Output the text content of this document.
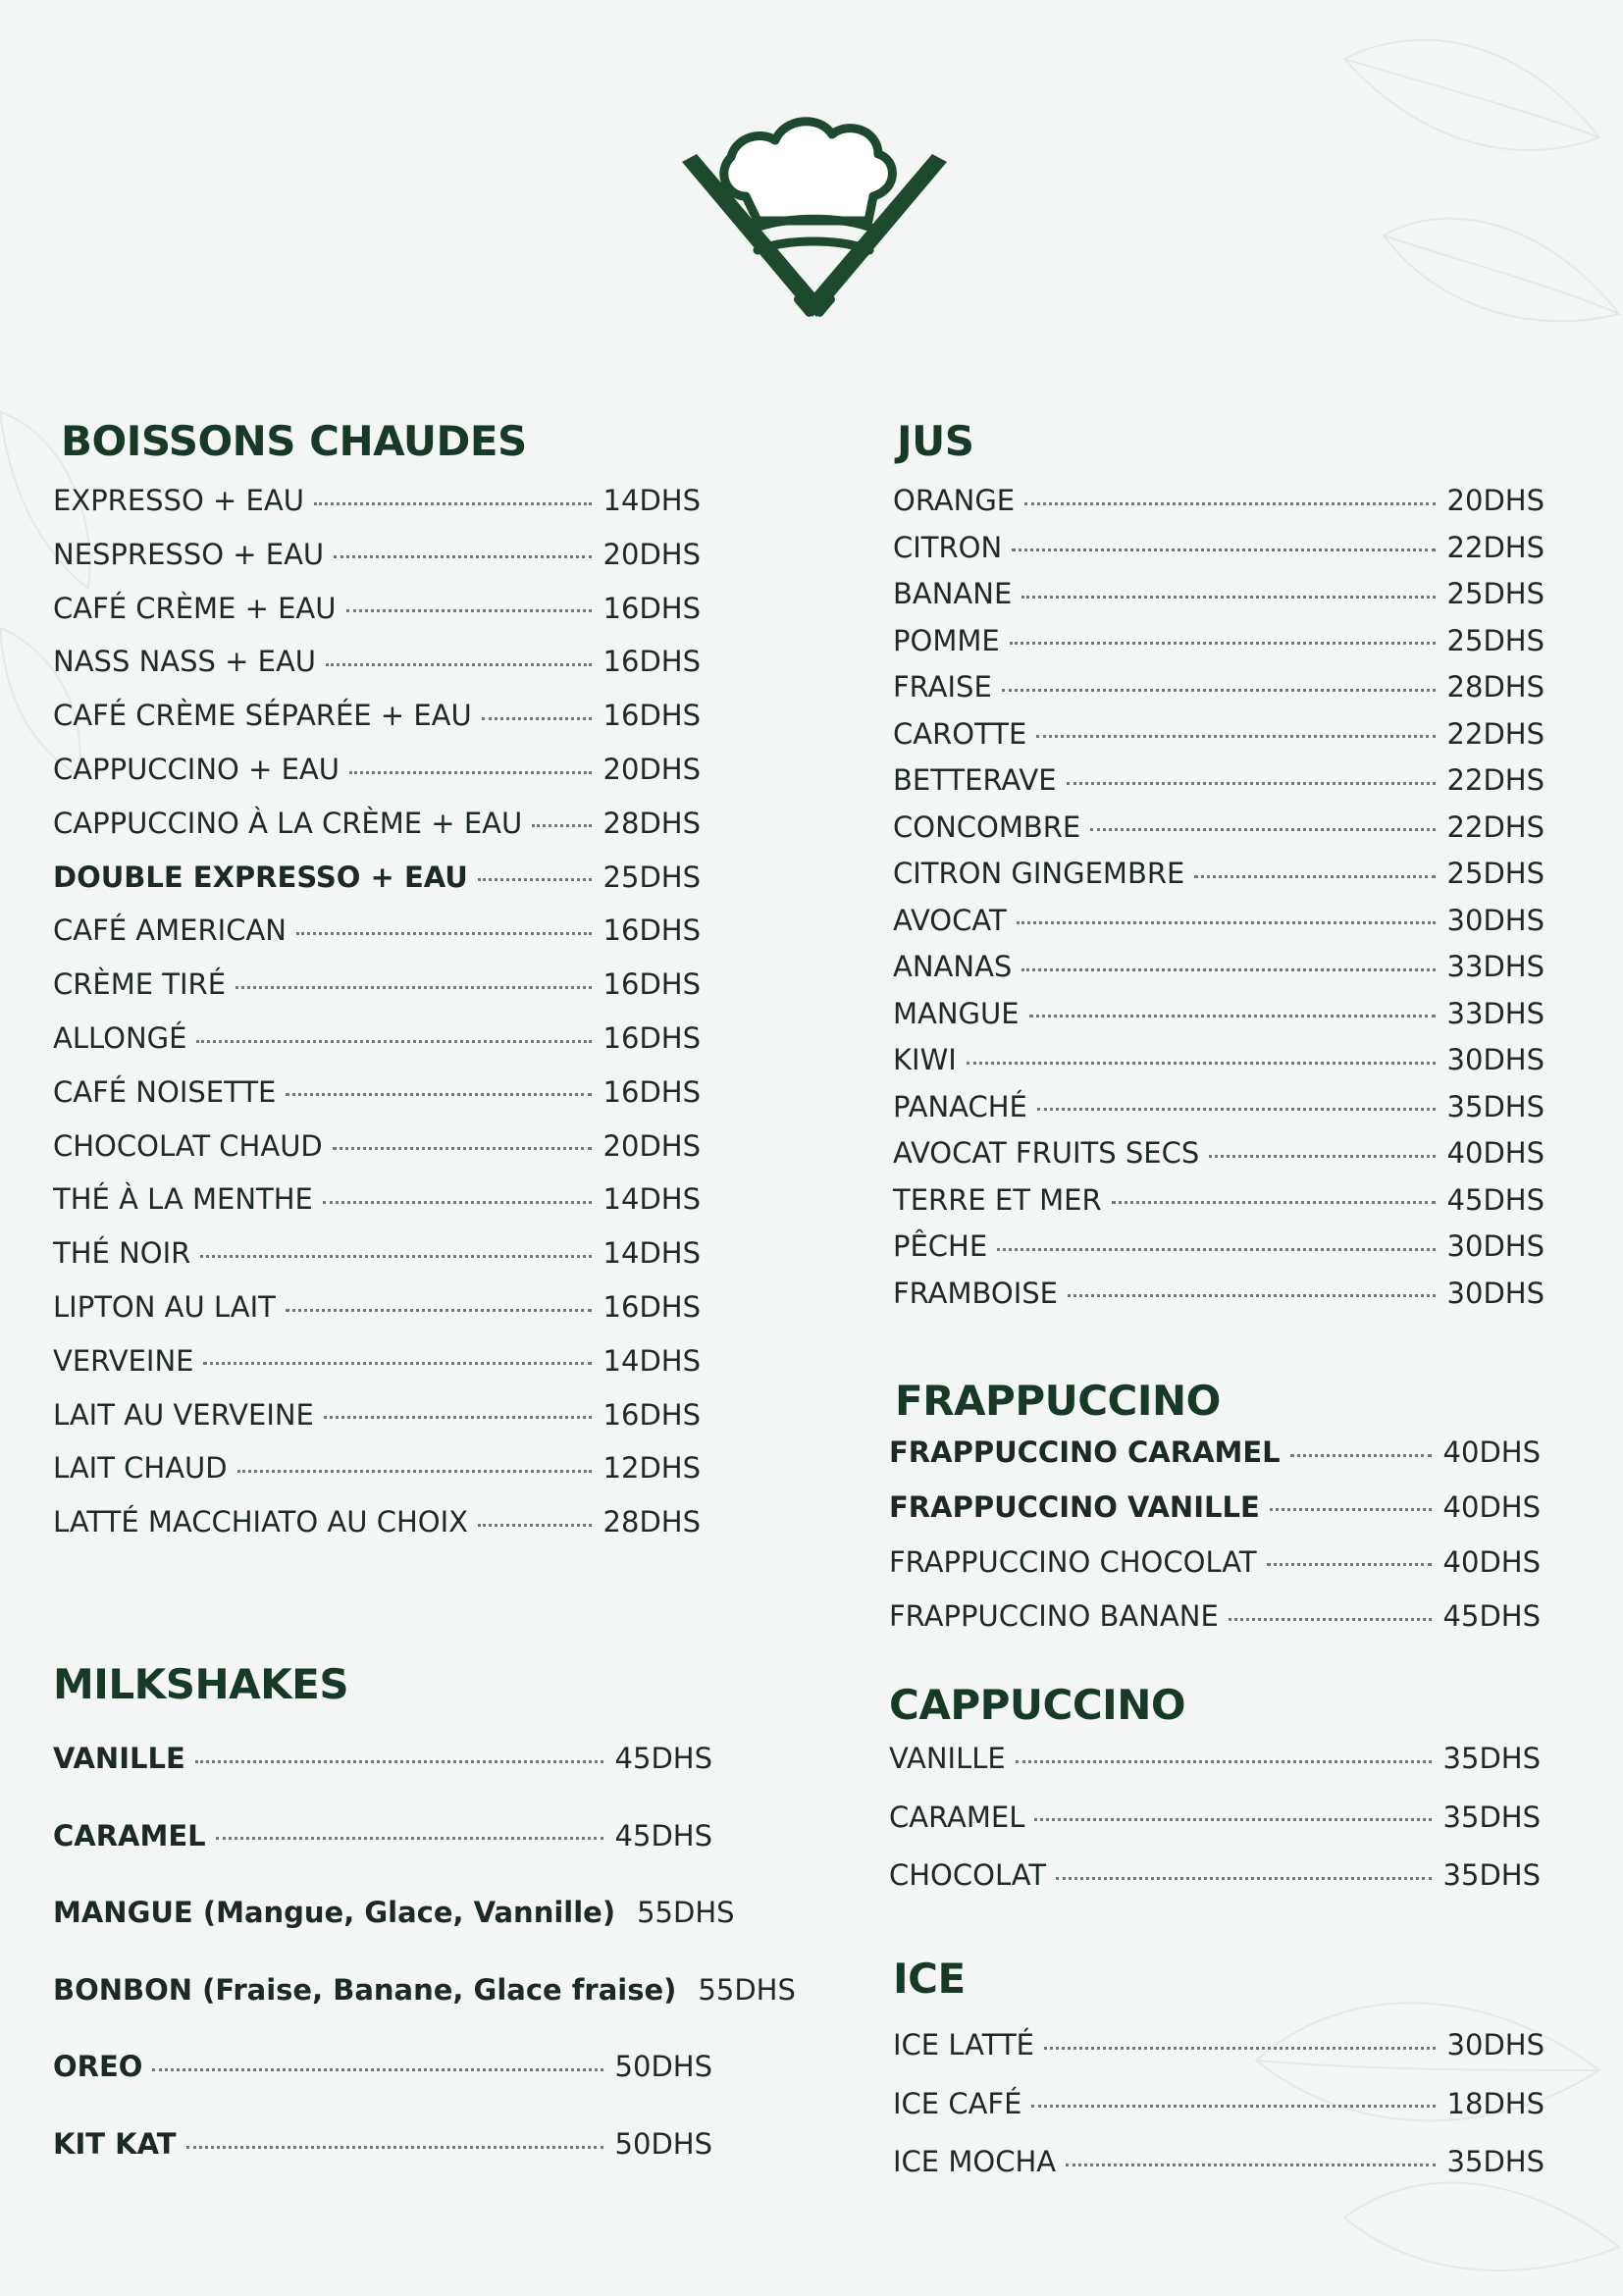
BOISSONS CHAUDES
EXPRESSO + EAU	14DHS
NESPRESSO + EAU	20DHS
CAFÉ CRÈME + EAU	16DHS
NASS NASS + EAU	16DHS
CAFÉ CRÈME SÉPARÉE + EAU	16DHS
CAPPUCCINO + EAU	20DHS
CAPPUCCINO À LA CRÈME + EAU	28DHS
DOUBLE EXPRESSO + EAU	25DHS
CAFÉ AMERICAN	16DHS
CRÈME TIRÉ	16DHS
ALLONGÉ	16DHS
CAFÉ NOISETTE	16DHS
CHOCOLAT CHAUD	20DHS
THÉ À LA MENTHE	14DHS
THÉ NOIR	14DHS
LIPTON AU LAIT	16DHS
VERVEINE	14DHS
LAIT AU VERVEINE	16DHS
LAIT CHAUD	12DHS
LATTÉ MACCHIATO AU CHOIX	28DHS
MILKSHAKES
VANILLE	45DHS
CARAMEL	45DHS
MANGUE (Mangue, Glace, Vannille) 55DHS
BONBON (Fraise, Banane, Glace fraise) 55DHS
OREO	50DHS
KIT KAT	50DHS
JUS
ORANGE	20DHS
CITRON	22DHS
BANANE	25DHS
POMME	25DHS
FRAISE	28DHS
CAROTTE	22DHS
BETTERAVE	22DHS
CONCOMBRE	22DHS
CITRON GINGEMBRE	25DHS
AVOCAT	30DHS
ANANAS	33DHS
MANGUE	33DHS
KIWI	30DHS
PANACHÉ	35DHS
AVOCAT FRUITS SECS	40DHS
TERRE ET MER	45DHS
PÊCHE	30DHS
FRAMBOISE	30DHS
FRAPPUCCINO
FRAPPUCCINO CARAMEL	40DHS
FRAPPUCCINO VANILLE	40DHS
FRAPPUCCINO CHOCOLAT	40DHS
FRAPPUCCINO BANANE	45DHS
CAPPUCCINO
VANILLE	35DHS
CARAMEL	35DHS
CHOCOLAT	35DHS
ICE
ICE LATTÉ	30DHS
ICE CAFÉ	18DHS
ICE MOCHA	35DHS
